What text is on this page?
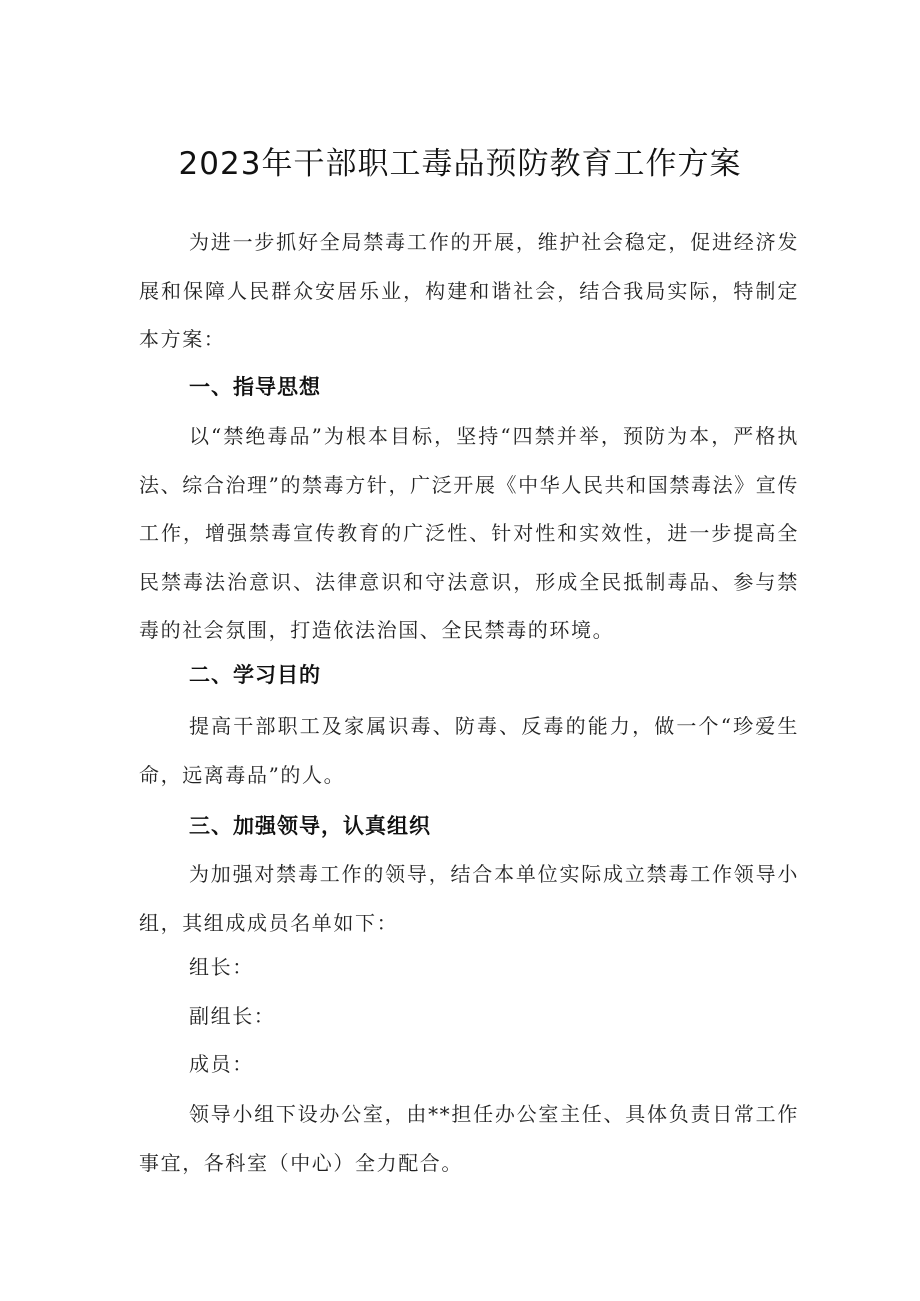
2023年干部职工毒品预防教育工作方案
为进一步抓好全局禁毒工作的开展，维护社会稳定，促进经济发展和保障人民群众安居乐业，构建和谐社会，结合我局实际，特制定本方案：
一、指导思想
以“禁绝毒品”为根本目标，坚持“四禁并举，预防为本，严格执法、综合治理”的禁毒方针，广泛开展《中华人民共和国禁毒法》宣传工作，增强禁毒宣传教育的广泛性、针对性和实效性，进一步提高全民禁毒法治意识、法律意识和守法意识，形成全民抵制毒品、参与禁毒的社会氛围，打造依法治国、全民禁毒的环境。
二、学习目的
提高干部职工及家属识毒、防毒、反毒的能力，做一个“珍爱生命，远离毒品”的人。
三、加强领导，认真组织
为加强对禁毒工作的领导，结合本单位实际成立禁毒工作领导小组，其组成成员名单如下：
组长：
副组长：
成员：
领导小组下设办公室，由**担任办公室主任、具体负责日常工作事宜，各科室（中心）全力配合。
